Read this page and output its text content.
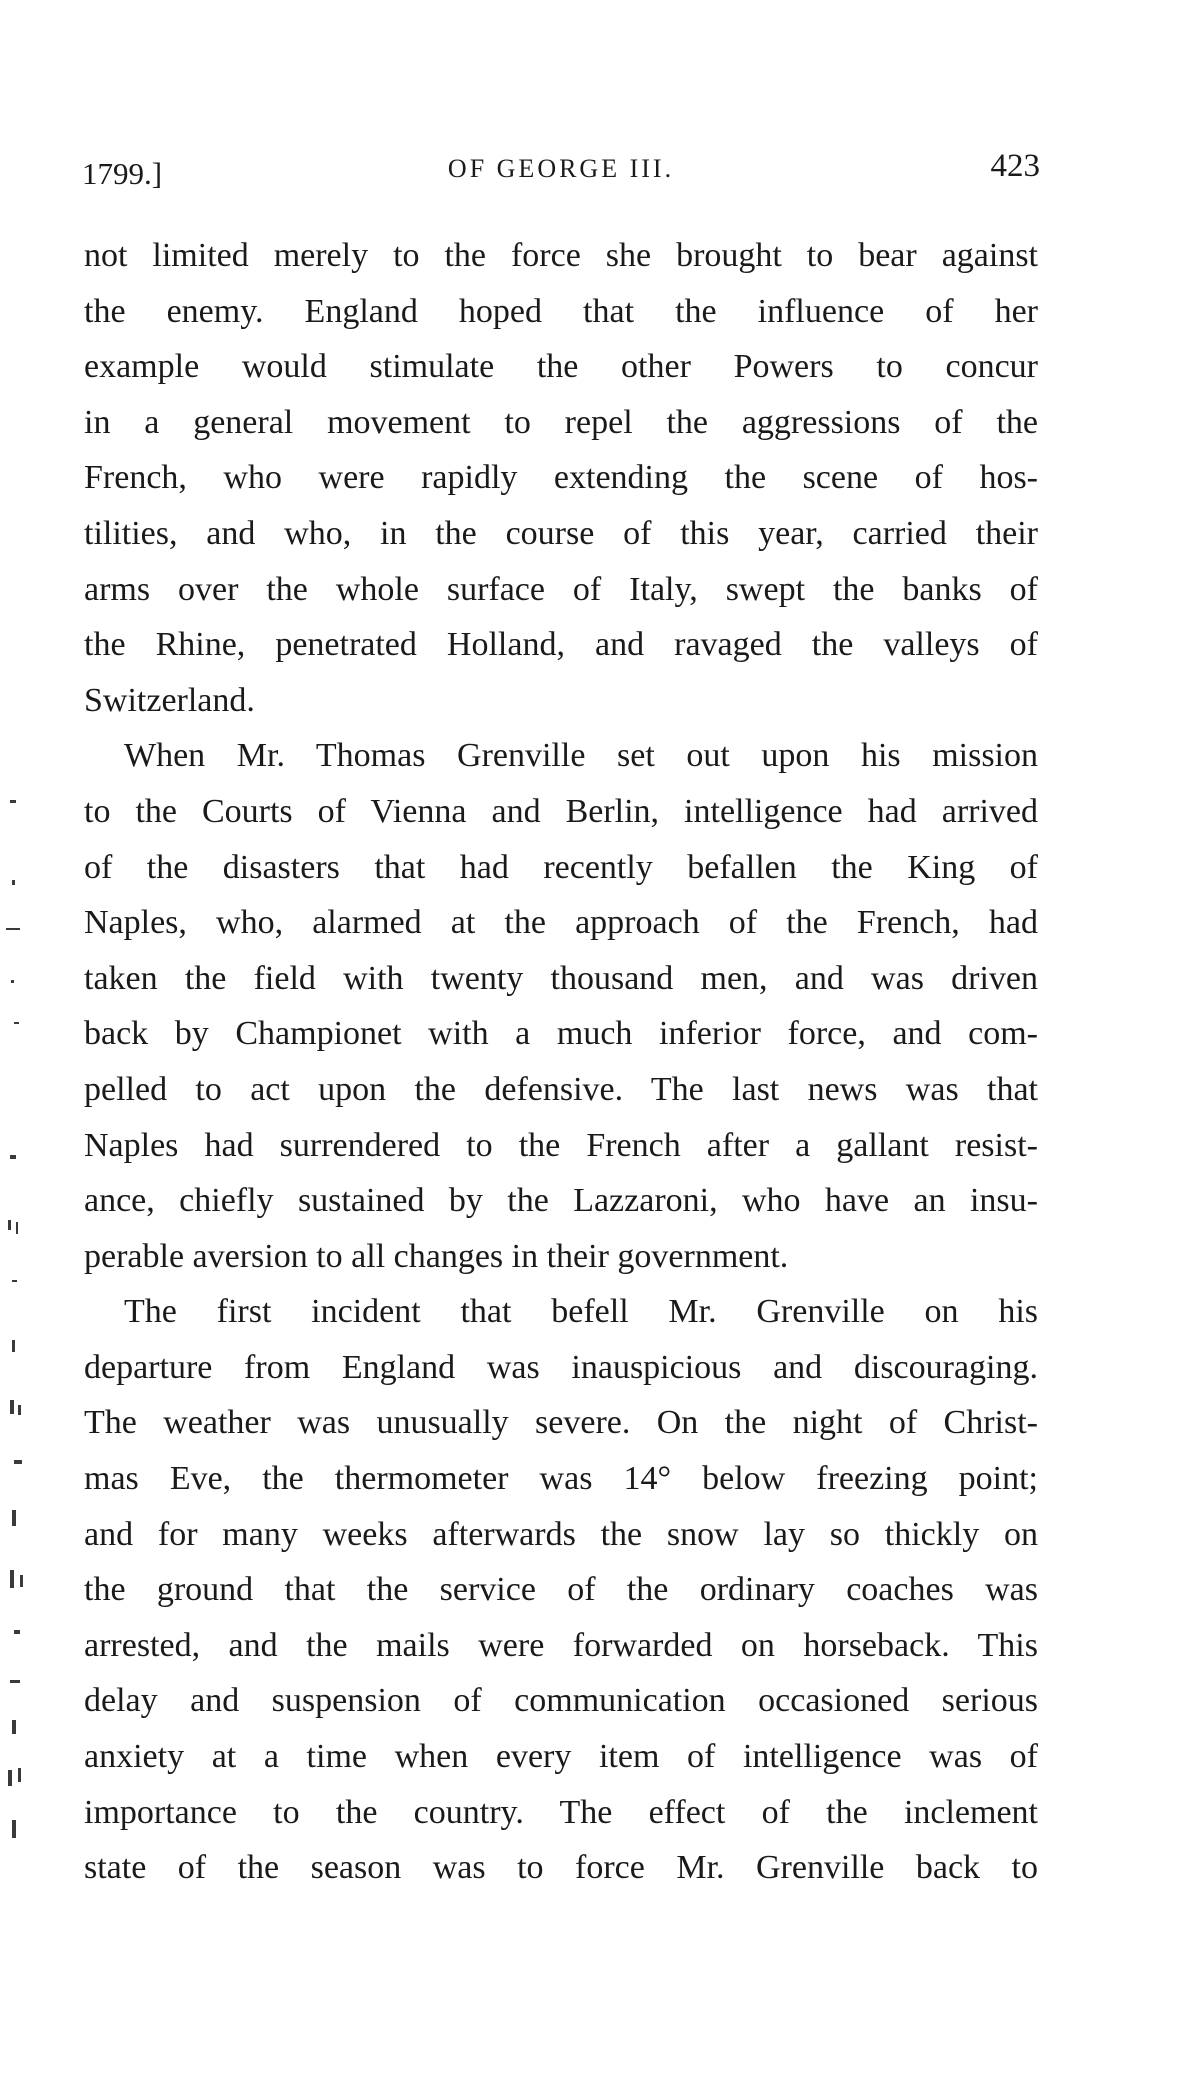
1799.]	OF GEORGE III.	423

not limited merely to the force she brought to bear against
the enemy. England hoped that the influence of her
example would stimulate the other Powers to concur
in a general movement to repel the aggressions of the
French, who were rapidly extending the scene of hos-
tilities, and who, in the course of this year, carried their
arms over the whole surface of Italy, swept the banks of
the Rhine, penetrated Holland, and ravaged the valleys of
Switzerland.

When Mr. Thomas Grenville set out upon his mission
to the Courts of Vienna and Berlin, intelligence had arrived
of the disasters that had recently befallen the King of
Naples, who, alarmed at the approach of the French, had
taken the field with twenty thousand men, and was driven
back by Championet with a much inferior force, and com-
pelled to act upon the defensive. The last news was that
Naples had surrendered to the French after a gallant resist-
ance, chiefly sustained by the Lazzaroni, who have an insu-
perable aversion to all changes in their government.

The first incident that befell Mr. Grenville on his
departure from England was inauspicious and discouraging.
The weather was unusually severe. On the night of Christ-
mas Eve, the thermometer was 14° below freezing point;
and for many weeks afterwards the snow lay so thickly on
the ground that the service of the ordinary coaches was
arrested, and the mails were forwarded on horseback. This
delay and suspension of communication occasioned serious
anxiety at a time when every item of intelligence was of
importance to the country. The effect of the inclement
state of the season was to force Mr. Grenville back to
